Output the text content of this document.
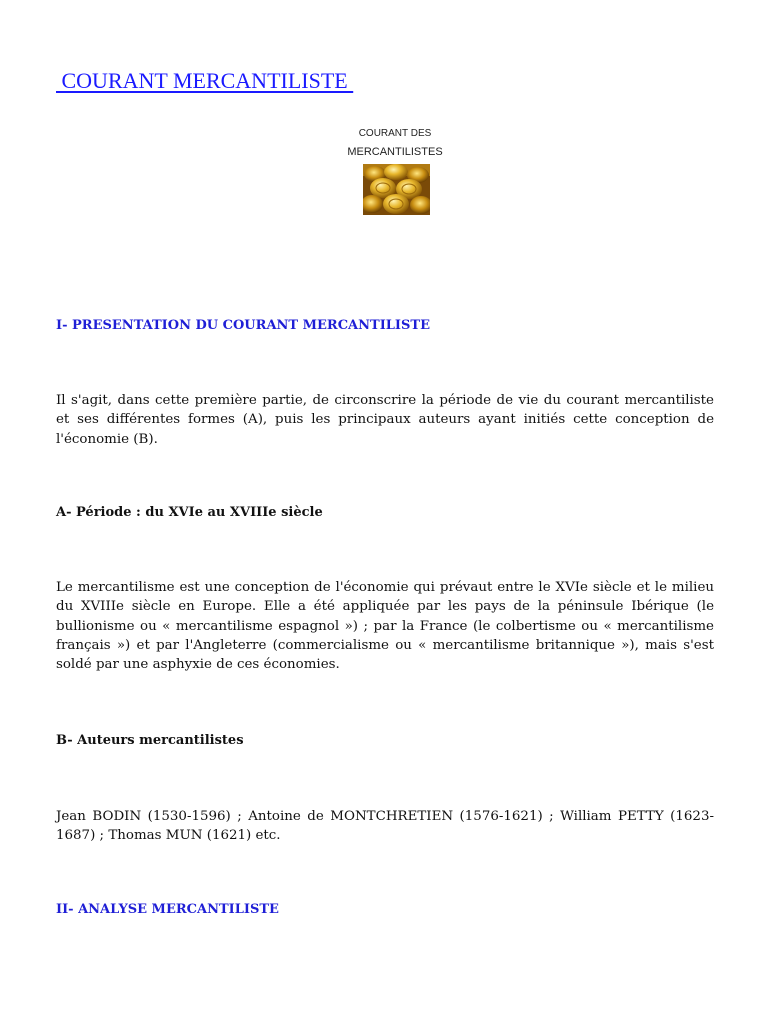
COURANT MERCANTILISTE
COURANT DES
MERCANTILISTES
I- PRESENTATION DU COURANT MERCANTILISTE

Il s'agit, dans cette première partie, de circonscrire la période de vie du courant mercantiliste et ses différentes formes (A), puis les principaux auteurs ayant initiés cette conception de l'économie (B).

A- Période : du XVIe au XVIIIe siècle

Le mercantilisme est une conception de l'économie qui prévaut entre le XVIe siècle et le milieu du XVIIIe siècle en Europe. Elle a été appliquée par les pays de la péninsule Ibérique (le bullionisme ou « mercantilisme espagnol ») ; par la France (le colbertisme ou « mercantilisme français ») et par l'Angleterre (commercialisme ou « mercantilisme britannique »), mais s'est soldé par une asphyxie de ces économies.

B- Auteurs mercantilistes

Jean BODIN (1530-1596) ; Antoine de MONTCHRETIEN (1576-1621) ; William PETTY (1623-1687) ; Thomas MUN (1621) etc.

II- ANALYSE MERCANTILISTE
